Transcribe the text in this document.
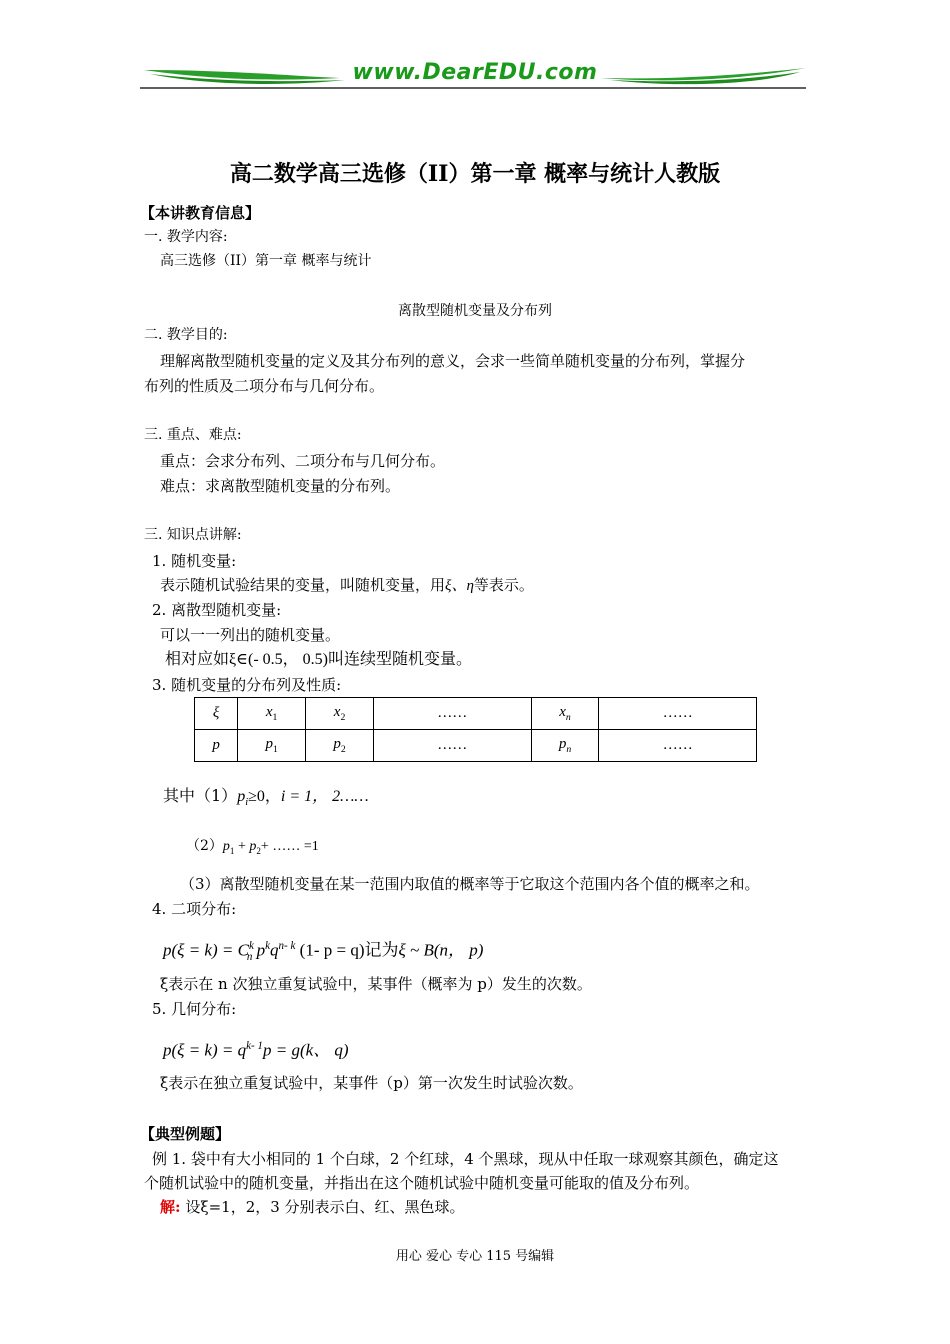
www.DearEDU.com
高二数学高三选修（II）第一章 概率与统计人教版
【本讲教育信息】
一. 教学内容:
高三选修（II）第一章 概率与统计
离散型随机变量及分布列
二. 教学目的:
理解离散型随机变量的定义及其分布列的意义，会求一些简单随机变量的分布列，掌握分
布列的性质及二项分布与几何分布。
三. 重点、难点:
重点：会求分布列、二项分布与几何分布。
难点：求离散型随机变量的分布列。
三. 知识点讲解:
1. 随机变量:
表示随机试验结果的变量，叫随机变量，用ξ、η等表示。
2. 离散型随机变量:
可以一一列出的随机变量。
相对应如ξ∈(- 0.5， 0.5)叫连续型随机变量。
3. 随机变量的分布列及性质:
ξ	$x_1$	$x_2$	……	$x_n$	……
p	$p_1$	$p_2$	……	$p_n$	……
其中$(1)p_i\ge 0$，i = 1， 2……
$(2)p_1 + p_2+$ …… =1
（3）离散型随机变量在某一范围内取值的概率等于它取这个范围内各个值的概率之和。
4. 二项分布:
$p(\xi = k) = C^k_n$ $p^kq^{n- k}$ (1- p = q)记为ξ ~ B(n， p)
ξ表示在 n 次独立重复试验中，某事件（概率为 p）发生的次数。
5. 几何分布:
$p(\xi = k) = q^{k- 1}p = g(k$、 q)
ξ表示在独立重复试验中，某事件（p）第一次发生时试验次数。
【典型例题】
例 1. 袋中有大小相同的 1 个白球，2 个红球，4 个黑球，现从中任取一球观察其颜色，确定这
个随机试验中的随机变量，并指出在这个随机试验中随机变量可能取的值及分布列。
解: 设ξ=1，2，3 分别表示白、红、黑色球。
用心 爱心 专心 115 号编辑
